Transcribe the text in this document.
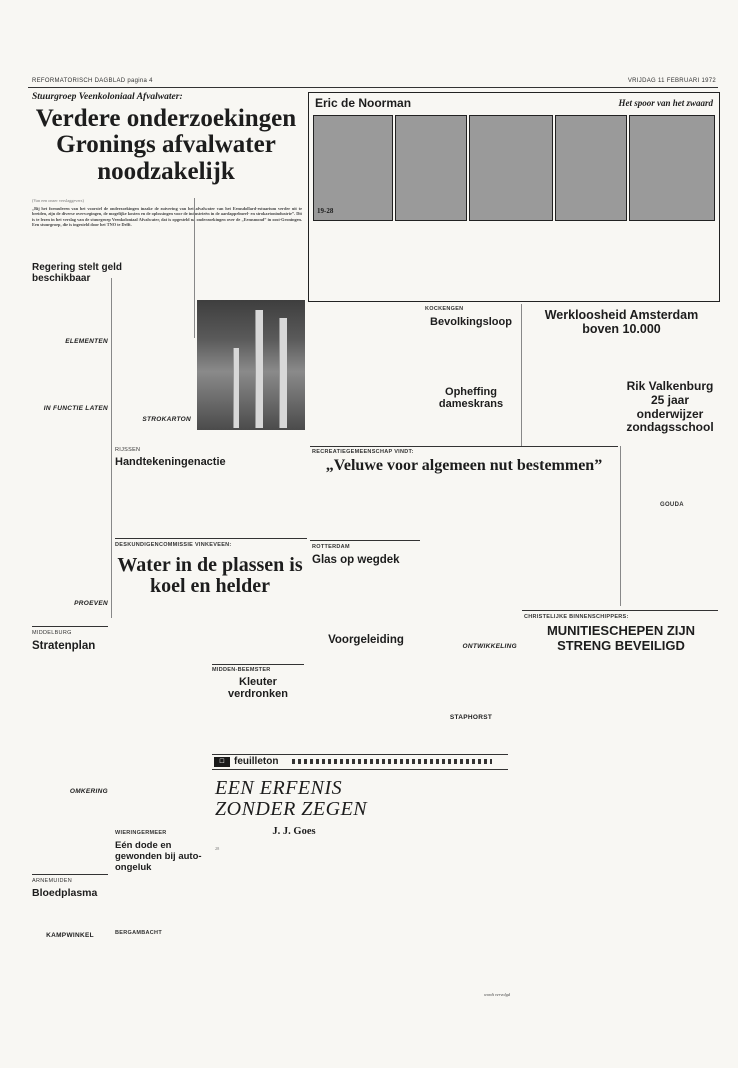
REFORMATORISCH DAGBLAD pagina 4	VRIJDAG 11 FEBRUARI 1972
Stuurgroep Veenkoloniaal Afvalwater:
Verdere onderzoekingen Gronings afvalwater noodzakelijk
(Van een onzer verslaggevers)
„Bij het formuleren van het voorstel de onderzoekingen inzake de zuivering van het afvalwater van het Eemsdollard-estuarium verder uit te breiden, zijn de diverse overwegingen, de mogelijke kosten en de oplossingen voor de industrieën in de aardappelmeel- en strokartonindustrie”. Dit is te lezen in het verslag van de stuurgroep Veenkoloniaal Afvalwater, dat is opgesteld na onderzoekingen over de „Eemsmond” in oost-Groningen. Een stuurgroep, die is ingesteld door het TNO te Delft.
Regering stelt geld beschikbaar
ELEMENTEN
IN FUNCTIE LATEN
PROEVEN
STROKARTON
RIJSSEN
Handtekeningenactie
DESKUNDIGENCOMMISSIE VINKEVEEN:
Water in de plassen is koel en helder
MIDDELBURG
Stratenplan
OMKERING
ARNEMUIDEN
Bloedplasma
KAMPWINKEL
MIDDEN-BEEMSTER
Kleuter verdronken
WIERINGERMEER
Eén dode en gewonden bij auto-ongeluk
BERGAMBACHT
☐ feuilleton
EEN ERFENIS ZONDER ZEGEN
J. J. Goes
28
wordt vervolgd
Eric de Noorman	Het spoor van het zwaard
19-28
KOCKENGEN
Bevolkingsloop
Opheffing dameskrans
Werkloosheid Amsterdam boven 10.000
Rik Valkenburg 25 jaar onderwijzer zondagsschool
RECREATIEGEMEENSCHAP VINDT:
„Veluwe voor algemeen nut bestemmen”
ONTWIKKELING
STAPHORST
ROTTERDAM
Glas op wegdek
Voorgeleiding
GOUDA
CHRISTELIJKE BINNENSCHIPPERS:
MUNITIESCHEPEN ZIJN STRENG BEVEILIGD
